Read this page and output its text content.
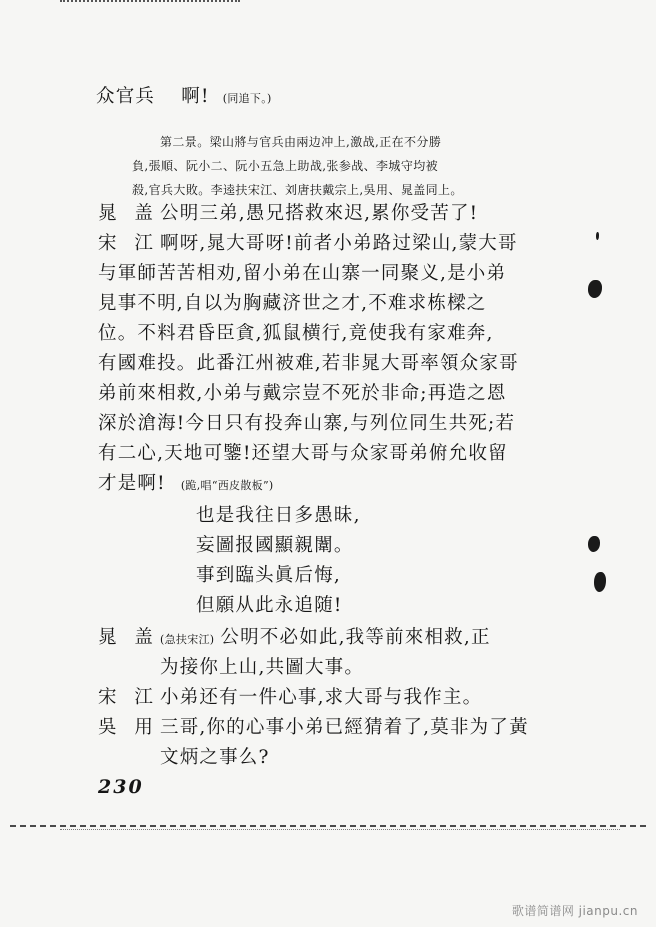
众官兵 啊! (同追下。)
第二景。梁山將与官兵由兩边冲上,激战,正在不分勝
負,張順、阮小二、阮小五急上助战,张参战、李城守均被
殺,官兵大敗。李逵扶宋江、刘唐扶戴宗上,吳用、晁盖同上。
晁 盖公明三弟,愚兄搭救來迟,累你受苦了!
宋 江啊呀,晁大哥呀!前者小弟路过梁山,蒙大哥
与軍師苦苦相劝,留小弟在山寨一同聚义,是小弟
見事不明,自以为胸藏济世之才,不难求栋樑之
位。不料君昏臣貪,狐鼠横行,竟使我有家难奔,
有國难投。此番江州被难,若非晁大哥率領众家哥
弟前來相救,小弟与戴宗豈不死於非命;再造之恩
深於滄海!今日只有投奔山寨,与列位同生共死;若
有二心,天地可鑒!还望大哥与众家哥弟俯允收留
才是啊! (跪,唱“西皮散板”)
也是我往日多愚昧,
妄圖报國顯親闈。
事到臨头眞后悔,
但願从此永追随!
晁 盖(急扶宋江) 公明不必如此,我等前來相救,正
为接你上山,共圖大事。
宋 江小弟还有一件心事,求大哥与我作主。
吳 用三哥,你的心事小弟已經猜着了,莫非为了黃
文炳之事么?
230
歌谱简谱网 jianpu.cn
